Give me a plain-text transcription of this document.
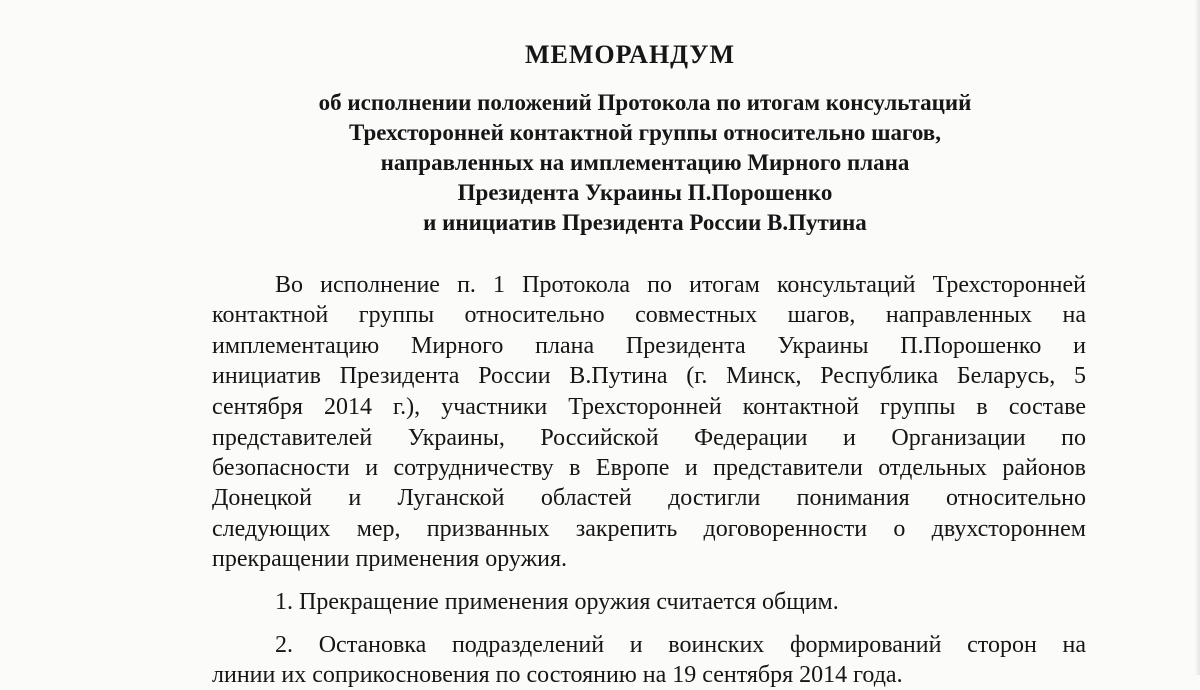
МЕМОРАНДУМ
об исполнении положений Протокола по итогам консультаций
Трехсторонней контактной группы относительно шагов,
направленных на имплементацию Мирного плана
Президента Украины П.Порошенко
и инициатив Президента России В.Путина
Во исполнение п. 1 Протокола по итогам консультаций Трехсторонней
контактной группы относительно совместных шагов, направленных на
имплементацию Мирного плана Президента Украины П.Порошенко и
инициатив Президента России В.Путина (г. Минск, Республика Беларусь, 5
сентября 2014 г.), участники Трехсторонней контактной группы в составе
представителей Украины, Российской Федерации и Организации по
безопасности и сотрудничеству в Европе и представители отдельных районов
Донецкой и Луганской областей достигли понимания относительно
следующих мер, призванных закрепить договоренности о двухстороннем
прекращении применения оружия.
1. Прекращение применения оружия считается общим.
2. Остановка подразделений и воинских формирований сторон на
линии их соприкосновения по состоянию на 19 сентября 2014 года.
